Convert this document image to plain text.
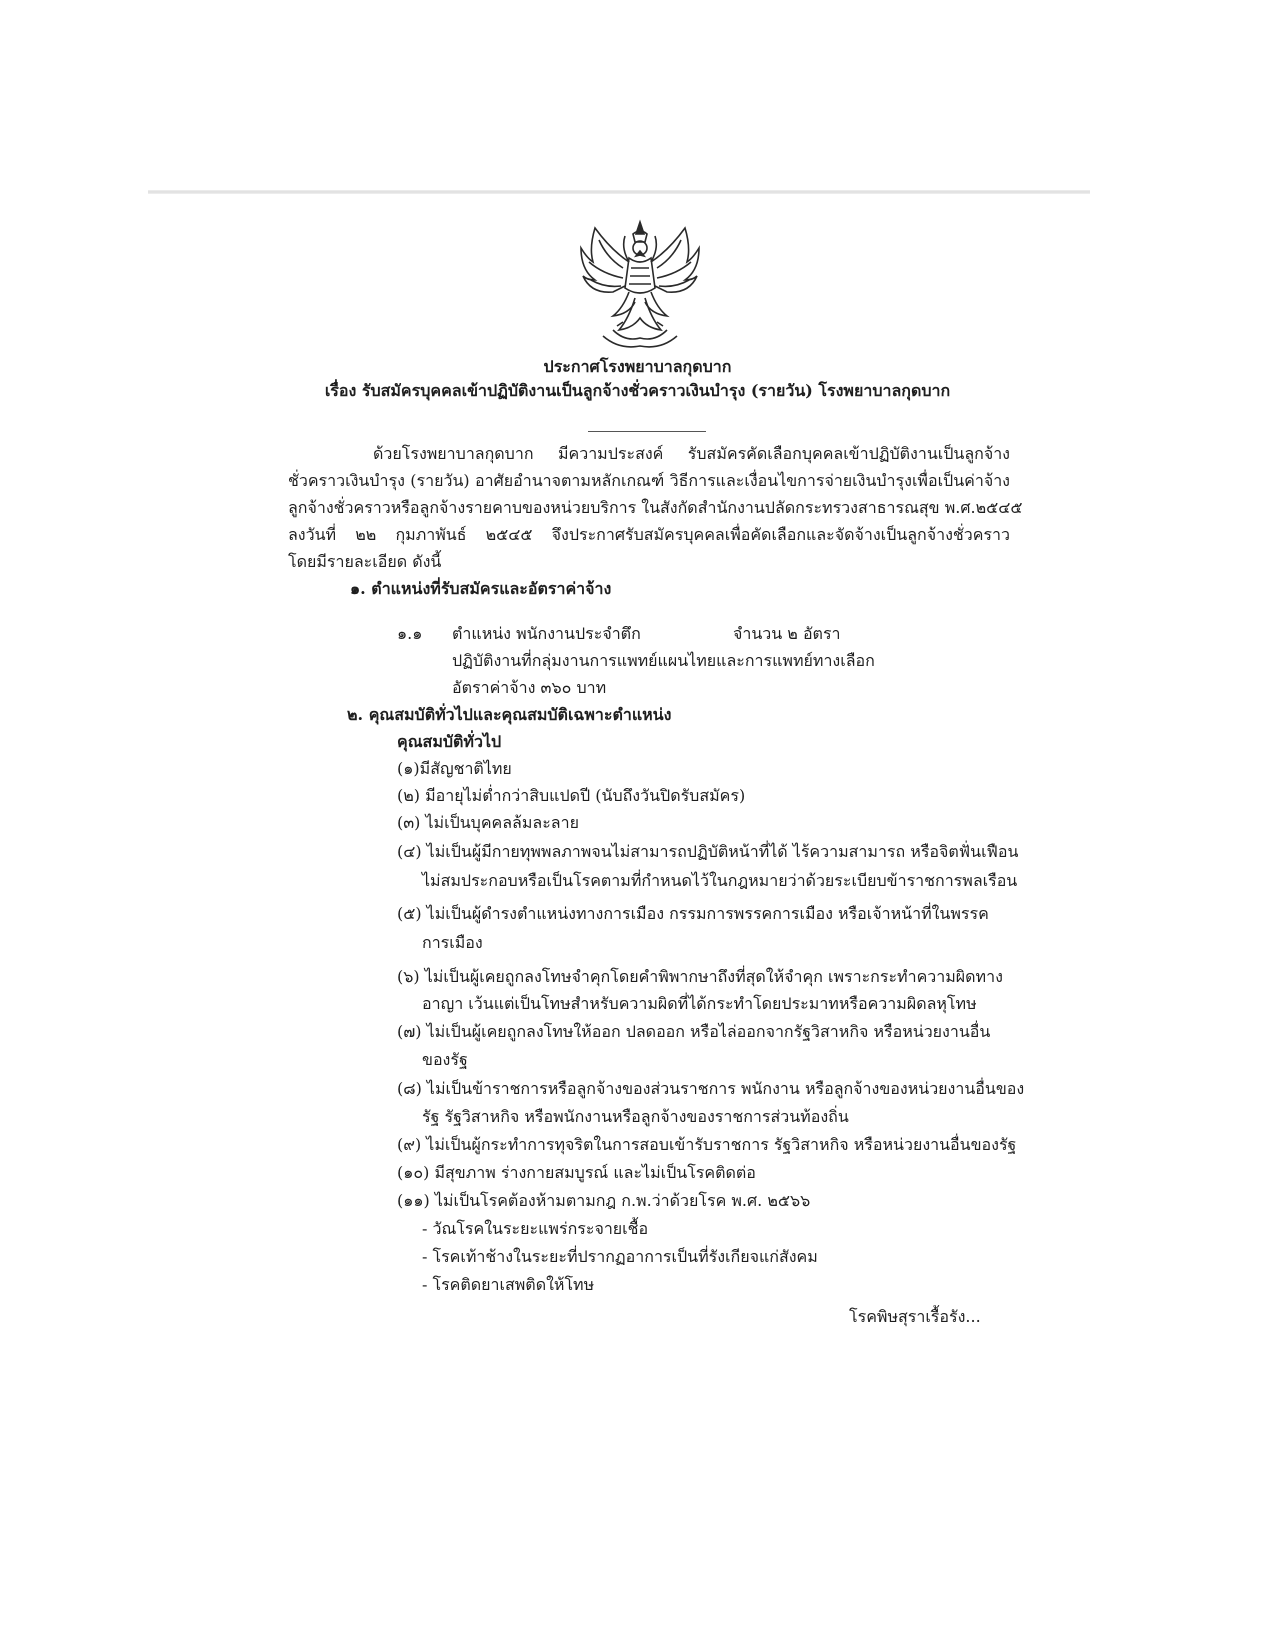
ประกาศโรงพยาบาลกุดบาก

เรื่อง รับสมัครบุคคลเข้าปฏิบัติงานเป็นลูกจ้างชั่วคราวเงินบำรุง (รายวัน) โรงพยาบาลกุดบาก

ด้วยโรงพยาบาลกุดบาก มีความประสงค์ รับสมัครคัดเลือกบุคคลเข้าปฏิบัติงานเป็นลูกจ้าง

ชั่วคราวเงินบำรุง (รายวัน) อาศัยอำนาจตามหลักเกณฑ์ วิธีการและเงื่อนไขการจ่ายเงินบำรุงเพื่อเป็นค่าจ้าง

ลูกจ้างชั่วคราวหรือลูกจ้างรายคาบของหน่วยบริการ ในสังกัดสำนักงานปลัดกระทรวงสาธารณสุข พ.ศ.๒๕๔๕

ลงวันที่ ๒๒ กุมภาพันธ์ ๒๕๔๕ จึงประกาศรับสมัครบุคคลเพื่อคัดเลือกและจัดจ้างเป็นลูกจ้างชั่วคราว

โดยมีรายละเอียด ดังนี้

๑. ตำแหน่งที่รับสมัครและอัตราค่าจ้าง

๑.๑ ตำแหน่ง พนักงานประจำตึก	จำนวน ๒ อัตรา

ปฏิบัติงานที่กลุ่มงานการแพทย์แผนไทยและการแพทย์ทางเลือก

อัตราค่าจ้าง ๓๖๐ บาท

๒. คุณสมบัติทั่วไปและคุณสมบัติเฉพาะตำแหน่ง

คุณสมบัติทั่วไป

(๑)มีสัญชาติไทย

(๒) มีอายุไม่ต่ำกว่าสิบแปดปี (นับถึงวันปิดรับสมัคร)

(๓) ไม่เป็นบุคคลล้มละลาย

(๔) ไม่เป็นผู้มีกายทุพพลภาพจนไม่สามารถปฏิบัติหน้าที่ได้ ไร้ความสามารถ หรือจิตฟั่นเฟือน

ไม่สมประกอบหรือเป็นโรคตามที่กำหนดไว้ในกฎหมายว่าด้วยระเบียบข้าราชการพลเรือน

(๕) ไม่เป็นผู้ดำรงตำแหน่งทางการเมือง กรรมการพรรคการเมือง หรือเจ้าหน้าที่ในพรรค

การเมือง

(๖) ไม่เป็นผู้เคยถูกลงโทษจำคุกโดยคำพิพากษาถึงที่สุดให้จำคุก เพราะกระทำความผิดทาง

อาญา เว้นแต่เป็นโทษสำหรับความผิดที่ได้กระทำโดยประมาทหรือความผิดลหุโทษ

(๗) ไม่เป็นผู้เคยถูกลงโทษให้ออก ปลดออก หรือไล่ออกจากรัฐวิสาหกิจ หรือหน่วยงานอื่น

ของรัฐ

(๘) ไม่เป็นข้าราชการหรือลูกจ้างของส่วนราชการ พนักงาน หรือลูกจ้างของหน่วยงานอื่นของ

รัฐ รัฐวิสาหกิจ หรือพนักงานหรือลูกจ้างของราชการส่วนท้องถิ่น

(๙) ไม่เป็นผู้กระทำการทุจริตในการสอบเข้ารับราชการ รัฐวิสาหกิจ หรือหน่วยงานอื่นของรัฐ

(๑๐) มีสุขภาพ ร่างกายสมบูรณ์ และไม่เป็นโรคติดต่อ

(๑๑) ไม่เป็นโรคต้องห้ามตามกฎ ก.พ.ว่าด้วยโรค พ.ศ. ๒๕๖๖

- วัณโรคในระยะแพร่กระจายเชื้อ

- โรคเท้าช้างในระยะที่ปรากฏอาการเป็นที่รังเกียจแก่สังคม

- โรคติดยาเสพติดให้โทษ

โรคพิษสุราเรื้อรัง...
